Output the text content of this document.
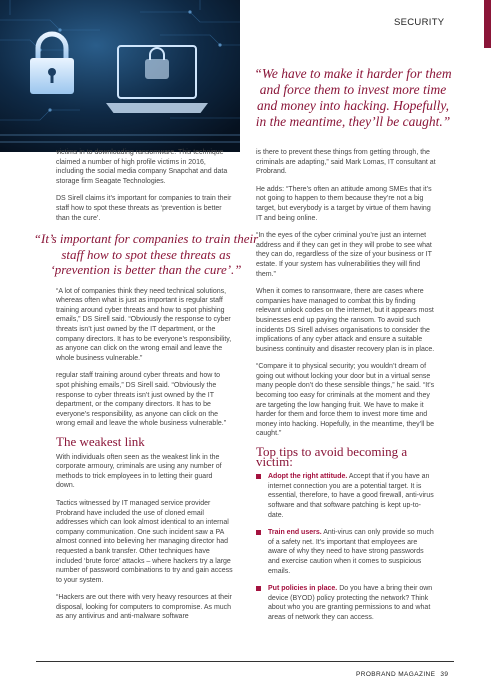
SECURITY
“We have to make it harder for them and force them to invest more time and money into hacking. Hopefully, in the meantime, they’ll be caught.”

victims in to downloading ransomware. This technique claimed a number of high profile victims in 2016, including the social media company Snapchat and data storage firm Seagate Technologies.

DS Sirell claims it’s important for companies to train their staff how to spot these threats as ‘prevention is better than the cure’.

“It’s important for companies to train their staff how to spot these threats as ‘prevention is better than the cure’.”

“A lot of companies think they need technical solutions, whereas often what is just as important is regular staff training around cyber threats and how to spot phishing emails,” DS Sirell said. “Obviously the response to cyber threats isn’t just owned by the IT department, or the company directors. It has to be everyone’s responsibility, as anyone can click on the wrong email and leave the whole business vulnerable.”

regular staff training around cyber threats and how to spot phishing emails,” DS Sirell said. “Obviously the response to cyber threats isn’t just owned by the IT department, or the company directors. It has to be everyone’s responsibility, as anyone can click on the wrong email and leave the whole business vulnerable.”

The weakest link

With individuals often seen as the weakest link in the corporate armoury, criminals are using any number of methods to trick employees in to letting their guard down.

Tactics witnessed by IT managed service provider Probrand have included the use of cloned email addresses which can look almost identical to an internal company communication. One such incident saw a PA almost conned into believing her managing director had requested a bank transfer. Other techniques have included ‘brute force’ attacks – where hackers try a large number of password combinations to try and gain access to your system.

“Hackers are out there with very heavy resources at their disposal, looking for computers to compromise. As much as any antivirus and anti-malware software

is there to prevent these things from getting through, the criminals are adapting,” said Mark Lomas, IT consultant at Probrand.

He adds: “There’s often an attitude among SMEs that it’s not going to happen to them because they’re not a big target, but everybody is a target by virtue of them having IT and being online.

“In the eyes of the cyber criminal you’re just an internet address and if they can get in they will probe to see what they can do, regardless of the size of your business or IT estate. If your system has vulnerabilities they will find them.”

When it comes to ransomware, there are cases where companies have managed to combat this by finding relevant unlock codes on the internet, but it appears most businesses end up paying the ransom. To avoid such incidents DS Sirell advises organisations to consider the implications of any cyber attack and ensure a suitable business continuity and disaster recovery plan is in place.

“Compare it to physical security; you wouldn’t dream of going out without locking your door but in a virtual sense many people don’t do these sensible things,” he said. “It’s becoming too easy for criminals at the moment and they are targeting the low hanging fruit. We have to make it harder for them and force them to invest more time and money into hacking. Hopefully, in the meantime, they’ll be caught.”

Top tips to avoid becoming a victim:
Adopt the right attitude. Accept that if you have an internet connection you are a potential target. It is essential, therefore, to have a good firewall, anti-virus software and that software patching is kept up-to-date.
Train end users. Anti-virus can only provide so much of a safety net. It’s important that employees are aware of why they need to have strong passwords and exercise caution when it comes to suspicious emails.
Put policies in place. Do you have a bring their own device (BYOD) policy protecting the network? Think about who you are granting permissions to and what areas of network they can access.
PROBRAND MAGAZINE 39
